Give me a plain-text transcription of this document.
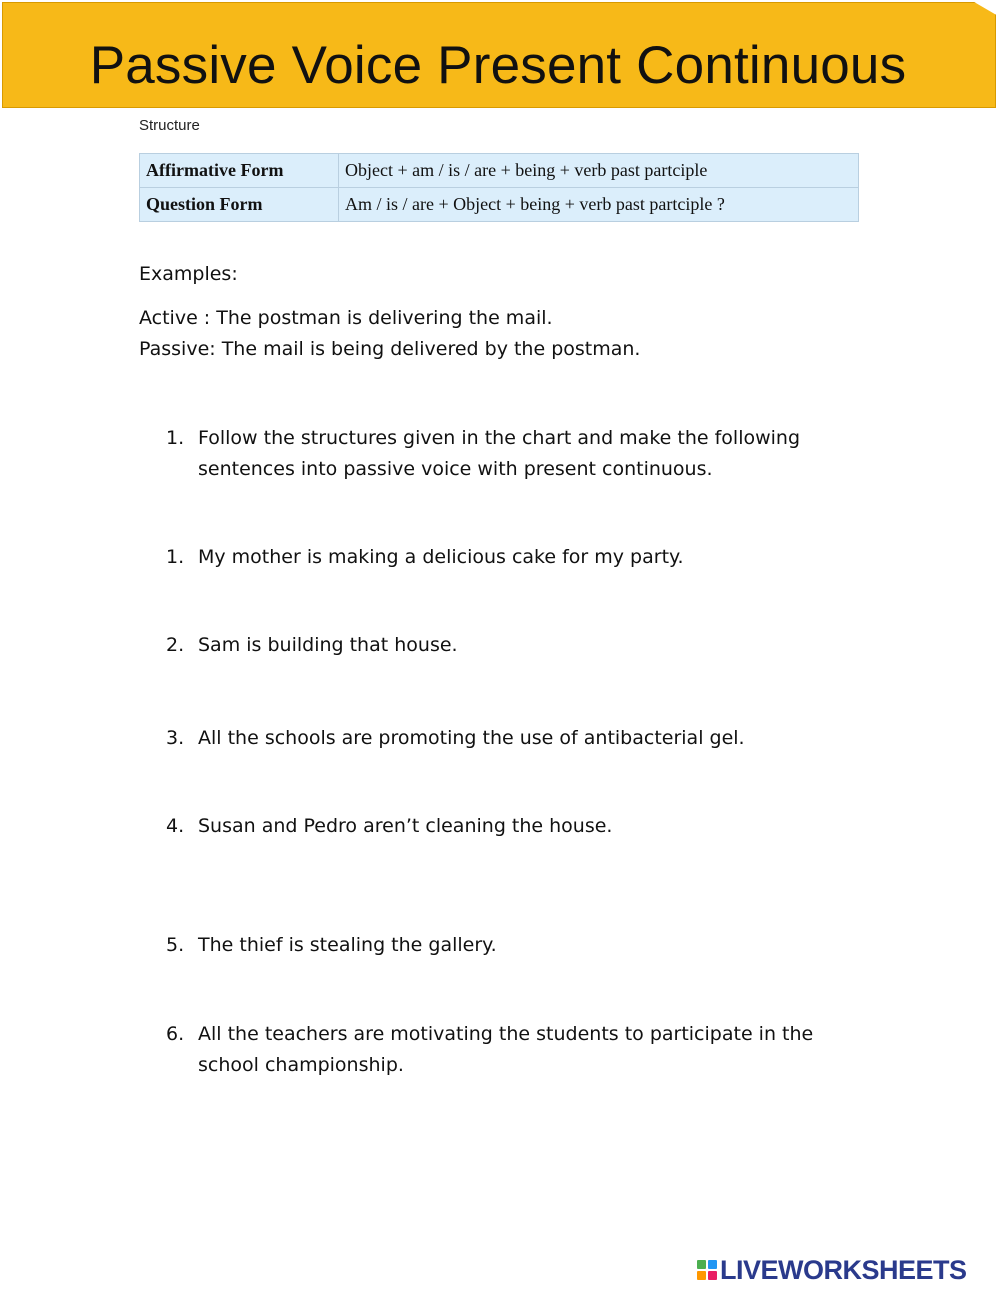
Passive Voice Present Continuous
Structure
Affirmative Form	Object + am / is / are + being + verb past partciple
Question Form	Am / is / are + Object + being + verb past partciple ?
Examples:
Active : The postman is delivering the mail.
Passive: The mail is being delivered by the postman.
1. Follow the structures given in the chart and make the following sentences into passive voice with present continuous.
1. My mother is making a delicious cake for my party.
2. Sam is building that house.
3. All the schools are promoting the use of antibacterial gel.
4. Susan and Pedro aren’t cleaning the house.
5. The thief is stealing the gallery.
6. All the teachers are motivating the students to participate in the school championship.
LIVEWORKSHEETS
